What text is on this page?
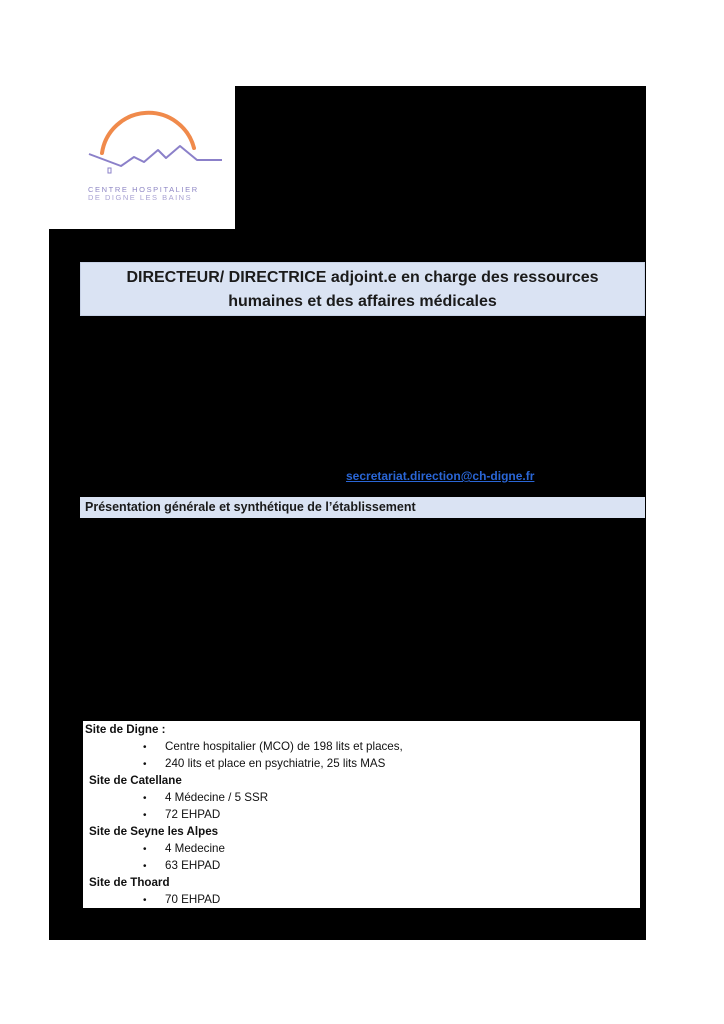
CENTRE HOSPITALIER
DE DIGNE LES BAINS
DIRECTEUR/ DIRECTRICE adjoint.e en charge des ressources
humaines et des affaires médicales
secretariat.direction@ch-digne.fr
Présentation générale et synthétique de l’établissement
Site de Digne :
• Centre hospitalier (MCO) de 198 lits et places,
• 240 lits et place en psychiatrie, 25 lits MAS
Site de Catellane
• 4 Médecine / 5 SSR
• 72 EHPAD
Site de Seyne les Alpes
• 4 Medecine
• 63 EHPAD
Site de Thoard
• 70 EHPAD
